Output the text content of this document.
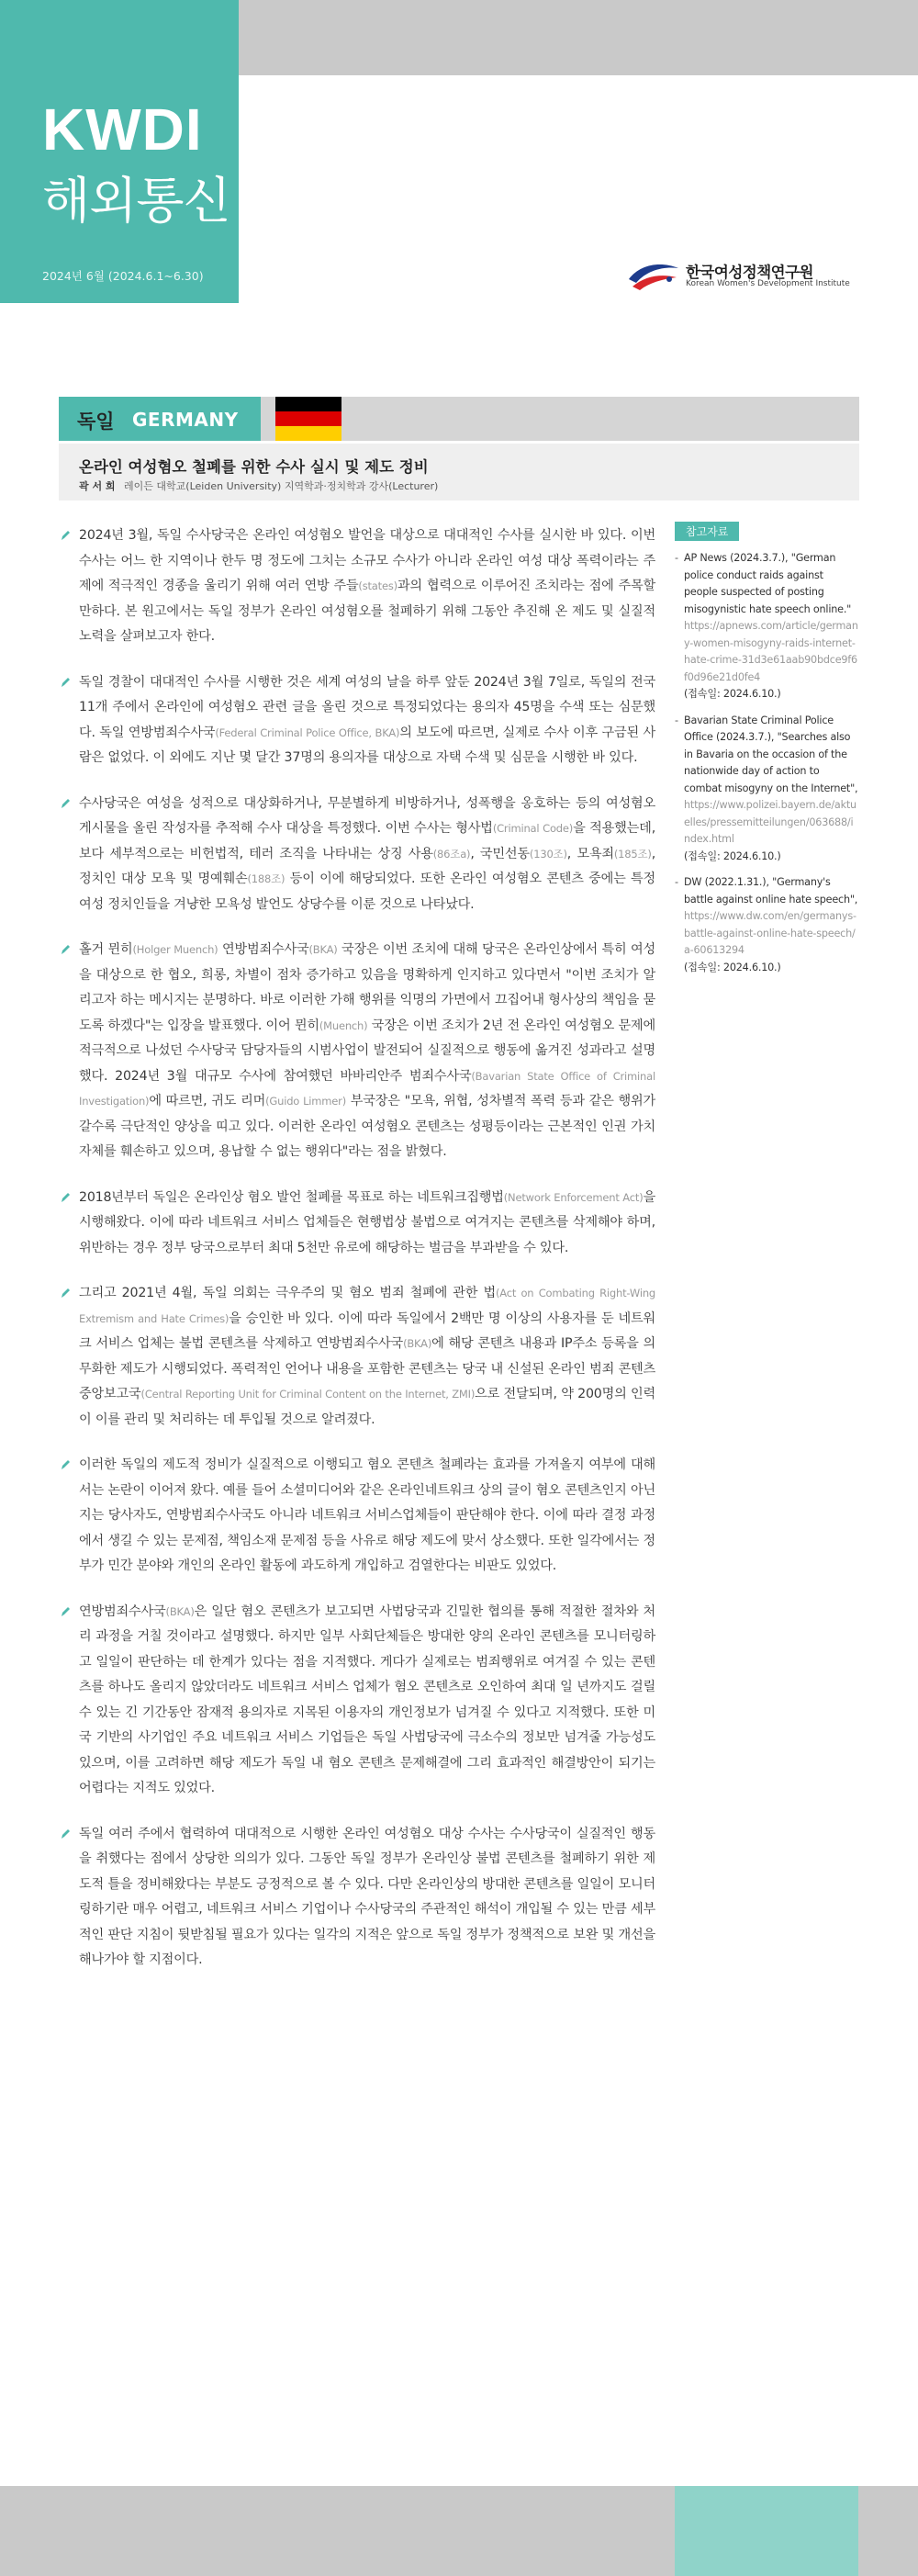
KWDI
해외통신
2024년 6월 (2024.6.1~6.30)	한국여성정책연구원
Korean Women's Development Institute
독일 GERMANY
온라인 여성혐오 철폐를 위한 수사 실시 및 제도 정비
곽 서 희 레이든 대학교(Leiden University) 지역학과·정치학과 강사(Lecturer)
2024년 3월, 독일 수사당국은 온라인 여성혐오 발언을 대상으로 대대적인 수사를 실시한 바 있다. 이번 수사는 어느 한 지역이나 한두 명 정도에 그치는 소규모 수사가 아니라 온라인 여성 대상 폭력이라는 주제에 적극적인 경종을 울리기 위해 여러 연방 주들(states)과의 협력으로 이루어진 조치라는 점에 주목할 만하다. 본 원고에서는 독일 정부가 온라인 여성혐오를 철폐하기 위해 그동안 추진해 온 제도 및 실질적 노력을 살펴보고자 한다.
독일 경찰이 대대적인 수사를 시행한 것은 세계 여성의 날을 하루 앞둔 2024년 3월 7일로, 독일의 전국 11개 주에서 온라인에 여성혐오 관련 글을 올린 것으로 특정되었다는 용의자 45명을 수색 또는 심문했다. 독일 연방범죄수사국(Federal Criminal Police Office, BKA)의 보도에 따르면, 실제로 수사 이후 구금된 사람은 없었다. 이 외에도 지난 몇 달간 37명의 용의자를 대상으로 자택 수색 및 심문을 시행한 바 있다.
수사당국은 여성을 성적으로 대상화하거나, 무분별하게 비방하거나, 성폭행을 옹호하는 등의 여성혐오 게시물을 올린 작성자를 추적해 수사 대상을 특정했다. 이번 수사는 형사법(Criminal Code)을 적용했는데, 보다 세부적으로는 비헌법적, 테러 조직을 나타내는 상징 사용(86조a), 국민선동(130조), 모욕죄(185조), 정치인 대상 모욕 및 명예훼손(188조) 등이 이에 해당되었다. 또한 온라인 여성혐오 콘텐츠 중에는 특정 여성 정치인들을 겨냥한 모욕성 발언도 상당수를 이룬 것으로 나타났다.
홀거 뮌히(Holger Muench) 연방범죄수사국(BKA) 국장은 이번 조치에 대해 당국은 온라인상에서 특히 여성을 대상으로 한 협오, 희롱, 차별이 점차 증가하고 있음을 명확하게 인지하고 있다면서 "이번 조치가 알리고자 하는 메시지는 분명하다. 바로 이러한 가해 행위를 익명의 가면에서 끄집어내 형사상의 책임을 묻도록 하겠다"는 입장을 발표했다. 이어 뮌히(Muench) 국장은 이번 조치가 2년 전 온라인 여성혐오 문제에 적극적으로 나섰던 수사당국 담당자들의 시범사업이 발전되어 실질적으로 행동에 옮겨진 성과라고 설명했다. 2024년 3월 대규모 수사에 참여했던 바바리안주 범죄수사국(Bavarian State Office of Criminal Investigation)에 따르면, 귀도 리머(Guido Limmer) 부국장은 "모욕, 위협, 성차별적 폭력 등과 같은 행위가 갈수록 극단적인 양상을 띠고 있다. 이러한 온라인 여성혐오 콘텐츠는 성평등이라는 근본적인 인권 가치 자체를 훼손하고 있으며, 용납할 수 없는 행위다"라는 점을 밝혔다.
2018년부터 독일은 온라인상 혐오 발언 철폐를 목표로 하는 네트워크집행법(Network Enforcement Act)을 시행해왔다. 이에 따라 네트워크 서비스 업체들은 현행법상 불법으로 여겨지는 콘텐츠를 삭제해야 하며, 위반하는 경우 정부 당국으로부터 최대 5천만 유로에 해당하는 벌금을 부과받을 수 있다.
그리고 2021년 4월, 독일 의회는 극우주의 및 혐오 범죄 철폐에 관한 법(Act on Combating Right-Wing Extremism and Hate Crimes)을 승인한 바 있다. 이에 따라 독일에서 2백만 명 이상의 사용자를 둔 네트워크 서비스 업체는 불법 콘텐츠를 삭제하고 연방범죄수사국(BKA)에 해당 콘텐츠 내용과 IP주소 등록을 의무화한 제도가 시행되었다. 폭력적인 언어나 내용을 포함한 콘텐츠는 당국 내 신설된 온라인 범죄 콘텐츠 중앙보고국(Central Reporting Unit for Criminal Content on the Internet, ZMI)으로 전달되며, 약 200명의 인력이 이를 관리 및 처리하는 데 투입될 것으로 알려졌다.
이러한 독일의 제도적 정비가 실질적으로 이행되고 혐오 콘텐츠 철폐라는 효과를 가져올지 여부에 대해서는 논란이 이어져 왔다. 예를 들어 소셜미디어와 같은 온라인네트워크 상의 글이 혐오 콘텐츠인지 아닌지는 당사자도, 연방범죄수사국도 아니라 네트워크 서비스업체들이 판단해야 한다. 이에 따라 결정 과정에서 생길 수 있는 문제점, 책임소재 문제점 등을 사유로 해당 제도에 맞서 상소했다. 또한 일각에서는 정부가 민간 분야와 개인의 온라인 활동에 과도하게 개입하고 검열한다는 비판도 있었다.
연방범죄수사국(BKA)은 일단 혐오 콘텐츠가 보고되면 사법당국과 긴밀한 협의를 통해 적절한 절차와 처리 과정을 거칠 것이라고 설명했다. 하지만 일부 사회단체들은 방대한 양의 온라인 콘텐츠를 모니터링하고 일일이 판단하는 데 한계가 있다는 점을 지적했다. 게다가 실제로는 범죄행위로 여겨질 수 있는 콘텐츠를 하나도 올리지 않았더라도 네트워크 서비스 업체가 혐오 콘텐츠로 오인하여 최대 일 년까지도 걸릴 수 있는 긴 기간동안 잠재적 용의자로 지목된 이용자의 개인정보가 넘겨질 수 있다고 지적했다. 또한 미국 기반의 사기업인 주요 네트워크 서비스 기업들은 독일 사법당국에 극소수의 정보만 넘겨줄 가능성도 있으며, 이를 고려하면 해당 제도가 독일 내 혐오 콘텐츠 문제해결에 그리 효과적인 해결방안이 되기는 어렵다는 지적도 있었다.
독일 여러 주에서 협력하여 대대적으로 시행한 온라인 여성혐오 대상 수사는 수사당국이 실질적인 행동을 취했다는 점에서 상당한 의의가 있다. 그동안 독일 정부가 온라인상 불법 콘텐츠를 철폐하기 위한 제도적 틀을 정비해왔다는 부분도 긍정적으로 볼 수 있다. 다만 온라인상의 방대한 콘텐츠를 일일이 모니터링하기란 매우 어렵고, 네트워크 서비스 기업이나 수사당국의 주관적인 해석이 개입될 수 있는 만큼 세부적인 판단 지침이 뒷받침될 필요가 있다는 일각의 지적은 앞으로 독일 정부가 정책적으로 보완 및 개선을 해나가야 할 지점이다.
참고자료
- AP News (2024.3.7.), "German police conduct raids against people suspected of posting misogynistic hate speech online."
https://apnews.com/article/germany-women-misogyny-raids-internet-hate-crime-31d3e61aab90bdce9f6f0d96e21d0fe4
(접속일: 2024.6.10.)
- Bavarian State Criminal Police Office (2024.3.7.), "Searches also in Bavaria on the occasion of the nationwide day of action to combat misogyny on the Internet",
https://www.polizei.bayern.de/aktuelles/pressemitteilungen/063688/index.html
(접속일: 2024.6.10.)
- DW (2022.1.31.), "Germany's battle against online hate speech",
https://www.dw.com/en/germanys-battle-against-online-hate-speech/a-60613294
(접속일: 2024.6.10.)
